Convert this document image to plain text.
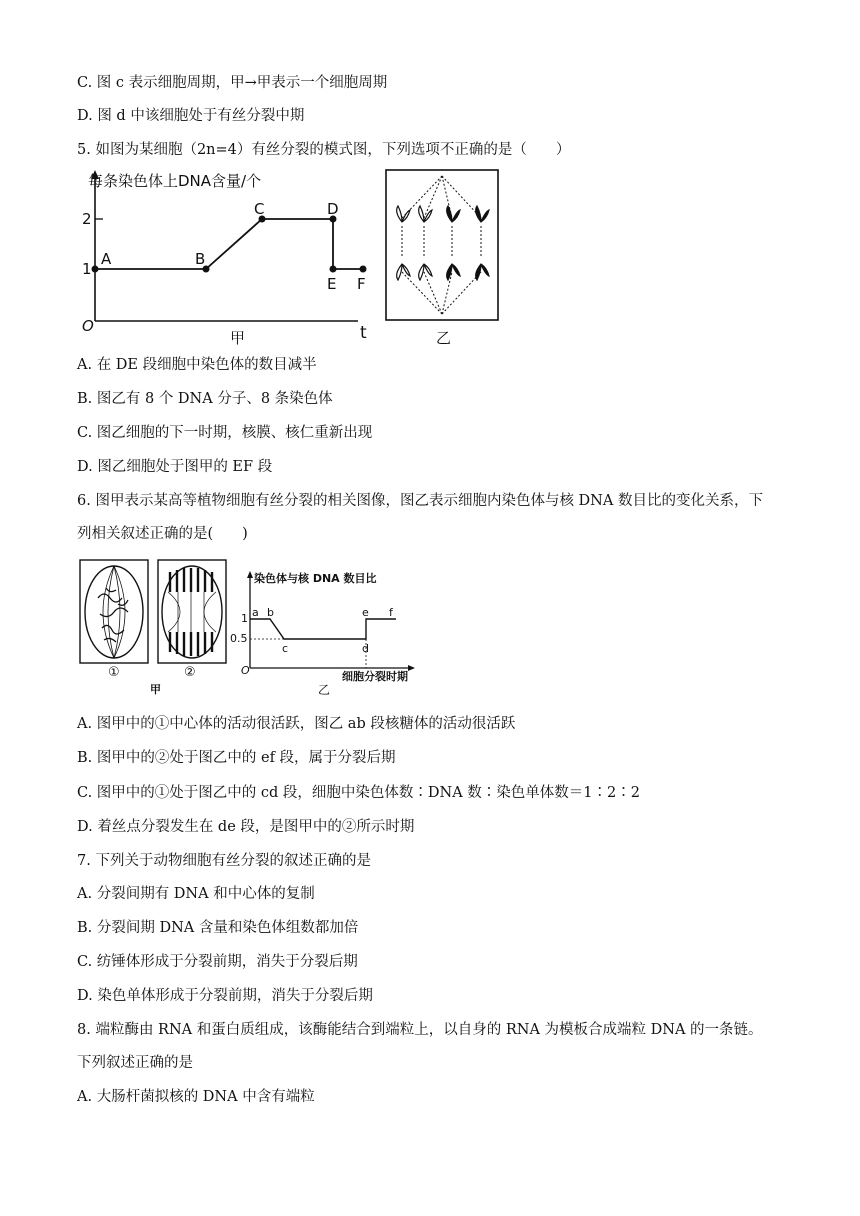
C. 图 c 表示细胞周期，甲→甲表示一个细胞周期
D. 图 d 中该细胞处于有丝分裂中期
5. 如图为某细胞（2n=4）有丝分裂的模式图，下列选项不正确的是（　　）
A. 在 DE 段细胞中染色体的数目减半
B. 图乙有 8 个 DNA 分子、8 条染色体
C. 图乙细胞的下一时期，核膜、核仁重新出现
D. 图乙细胞处于图甲的 EF 段
6. 图甲表示某高等植物细胞有丝分裂的相关图像，图乙表示细胞内染色体与核 DNA 数目比的变化关系，下
列相关叙述正确的是(　　)
A. 图甲中的①中心体的活动很活跃，图乙 ab 段核糖体的活动很活跃
B. 图甲中的②处于图乙中的 ef 段，属于分裂后期
C. 图甲中的①处于图乙中的 cd 段，细胞中染色体数∶DNA 数∶染色单体数＝1∶2∶2
D. 着丝点分裂发生在 de 段，是图甲中的②所示时期
7. 下列关于动物细胞有丝分裂的叙述正确的是
A. 分裂间期有 DNA 和中心体的复制
B. 分裂间期 DNA 含量和染色体组数都加倍
C. 纺锤体形成于分裂前期，消失于分裂后期
D. 染色单体形成于分裂前期，消失于分裂后期
8. 端粒酶由 RNA 和蛋白质组成，该酶能结合到端粒上，以自身的 RNA 为模板合成端粒 DNA 的一条链。
下列叙述正确的是
A. 大肠杆菌拟核的 DNA 中含有端粒
每条染色体上DNA含量/个
t
O
2
1
A	B
C	D
E F
甲	乙
①	②
甲
染色体与核 DNA 数目比
细胞分裂时期
O
1
0.5
a b
c	d
e f
乙
